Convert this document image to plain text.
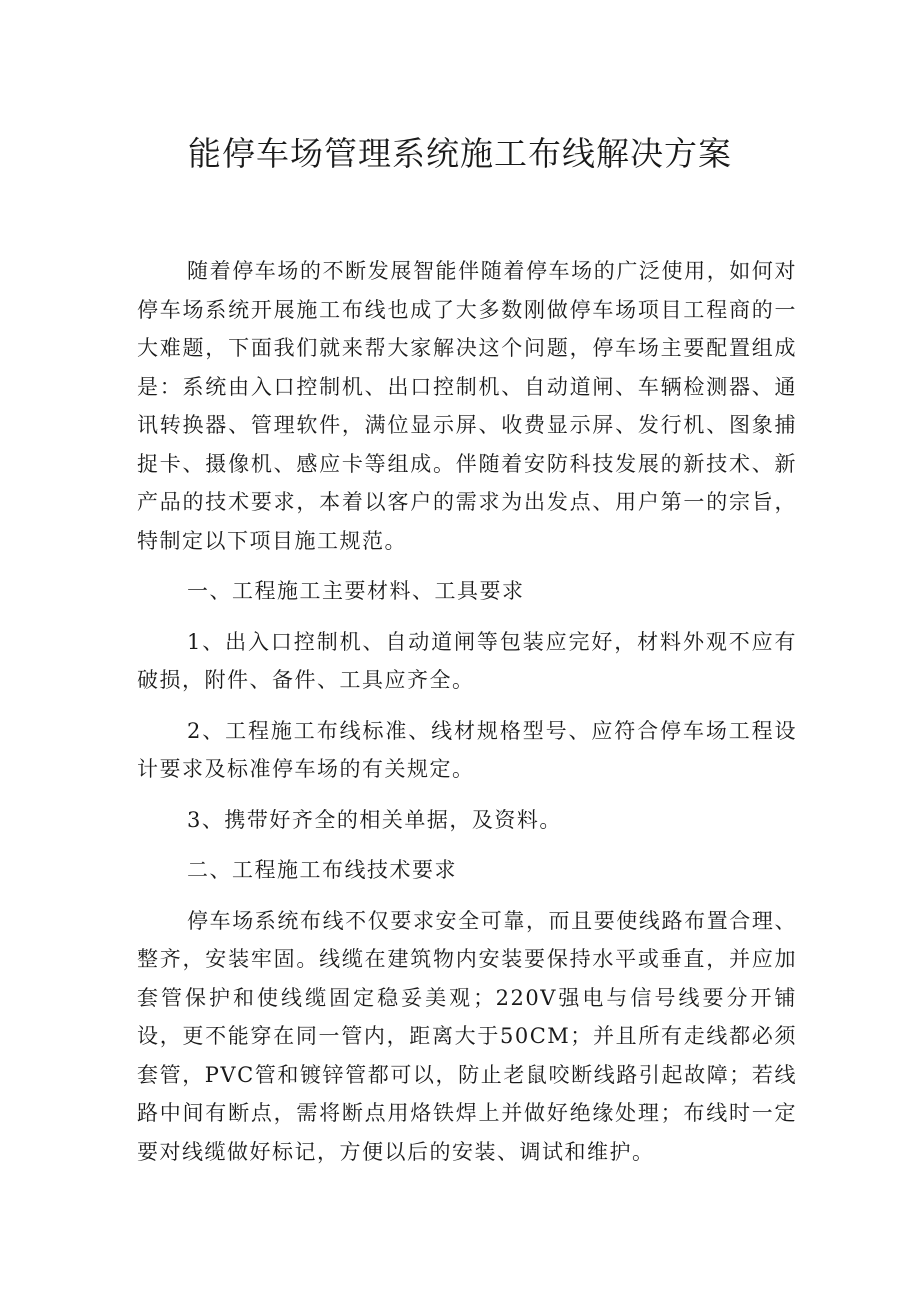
能停车场管理系统施工布线解决方案

随着停车场的不断发展智能伴随着停车场的广泛使用，如何对停车场系统开展施工布线也成了大多数刚做停车场项目工程商的一大难题，下面我们就来帮大家解决这个问题，停车场主要配置组成是：系统由入口控制机、出口控制机、自动道闸、车辆检测器、通讯转换器、管理软件，满位显示屏、收费显示屏、发行机、图象捕捉卡、摄像机、感应卡等组成。伴随着安防科技发展的新技术、新产品的技术要求，本着以客户的需求为出发点、用户第一的宗旨，特制定以下项目施工规范。

一、工程施工主要材料、工具要求

1、出入口控制机、自动道闸等包装应完好，材料外观不应有破损，附件、备件、工具应齐全。

2、工程施工布线标准、线材规格型号、应符合停车场工程设计要求及标准停车场的有关规定。

3、携带好齐全的相关单据，及资料。

二、工程施工布线技术要求

停车场系统布线不仅要求安全可靠，而且要使线路布置合理、整齐，安装牢固。线缆在建筑物内安装要保持水平或垂直，并应加套管保护和使线缆固定稳妥美观；220V强电与信号线要分开铺设，更不能穿在同一管内，距离大于50CM；并且所有走线都必须套管，PVC管和镀锌管都可以，防止老鼠咬断线路引起故障；若线路中间有断点，需将断点用烙铁焊上并做好绝缘处理；布线时一定要对线缆做好标记，方便以后的安装、调试和维护。
